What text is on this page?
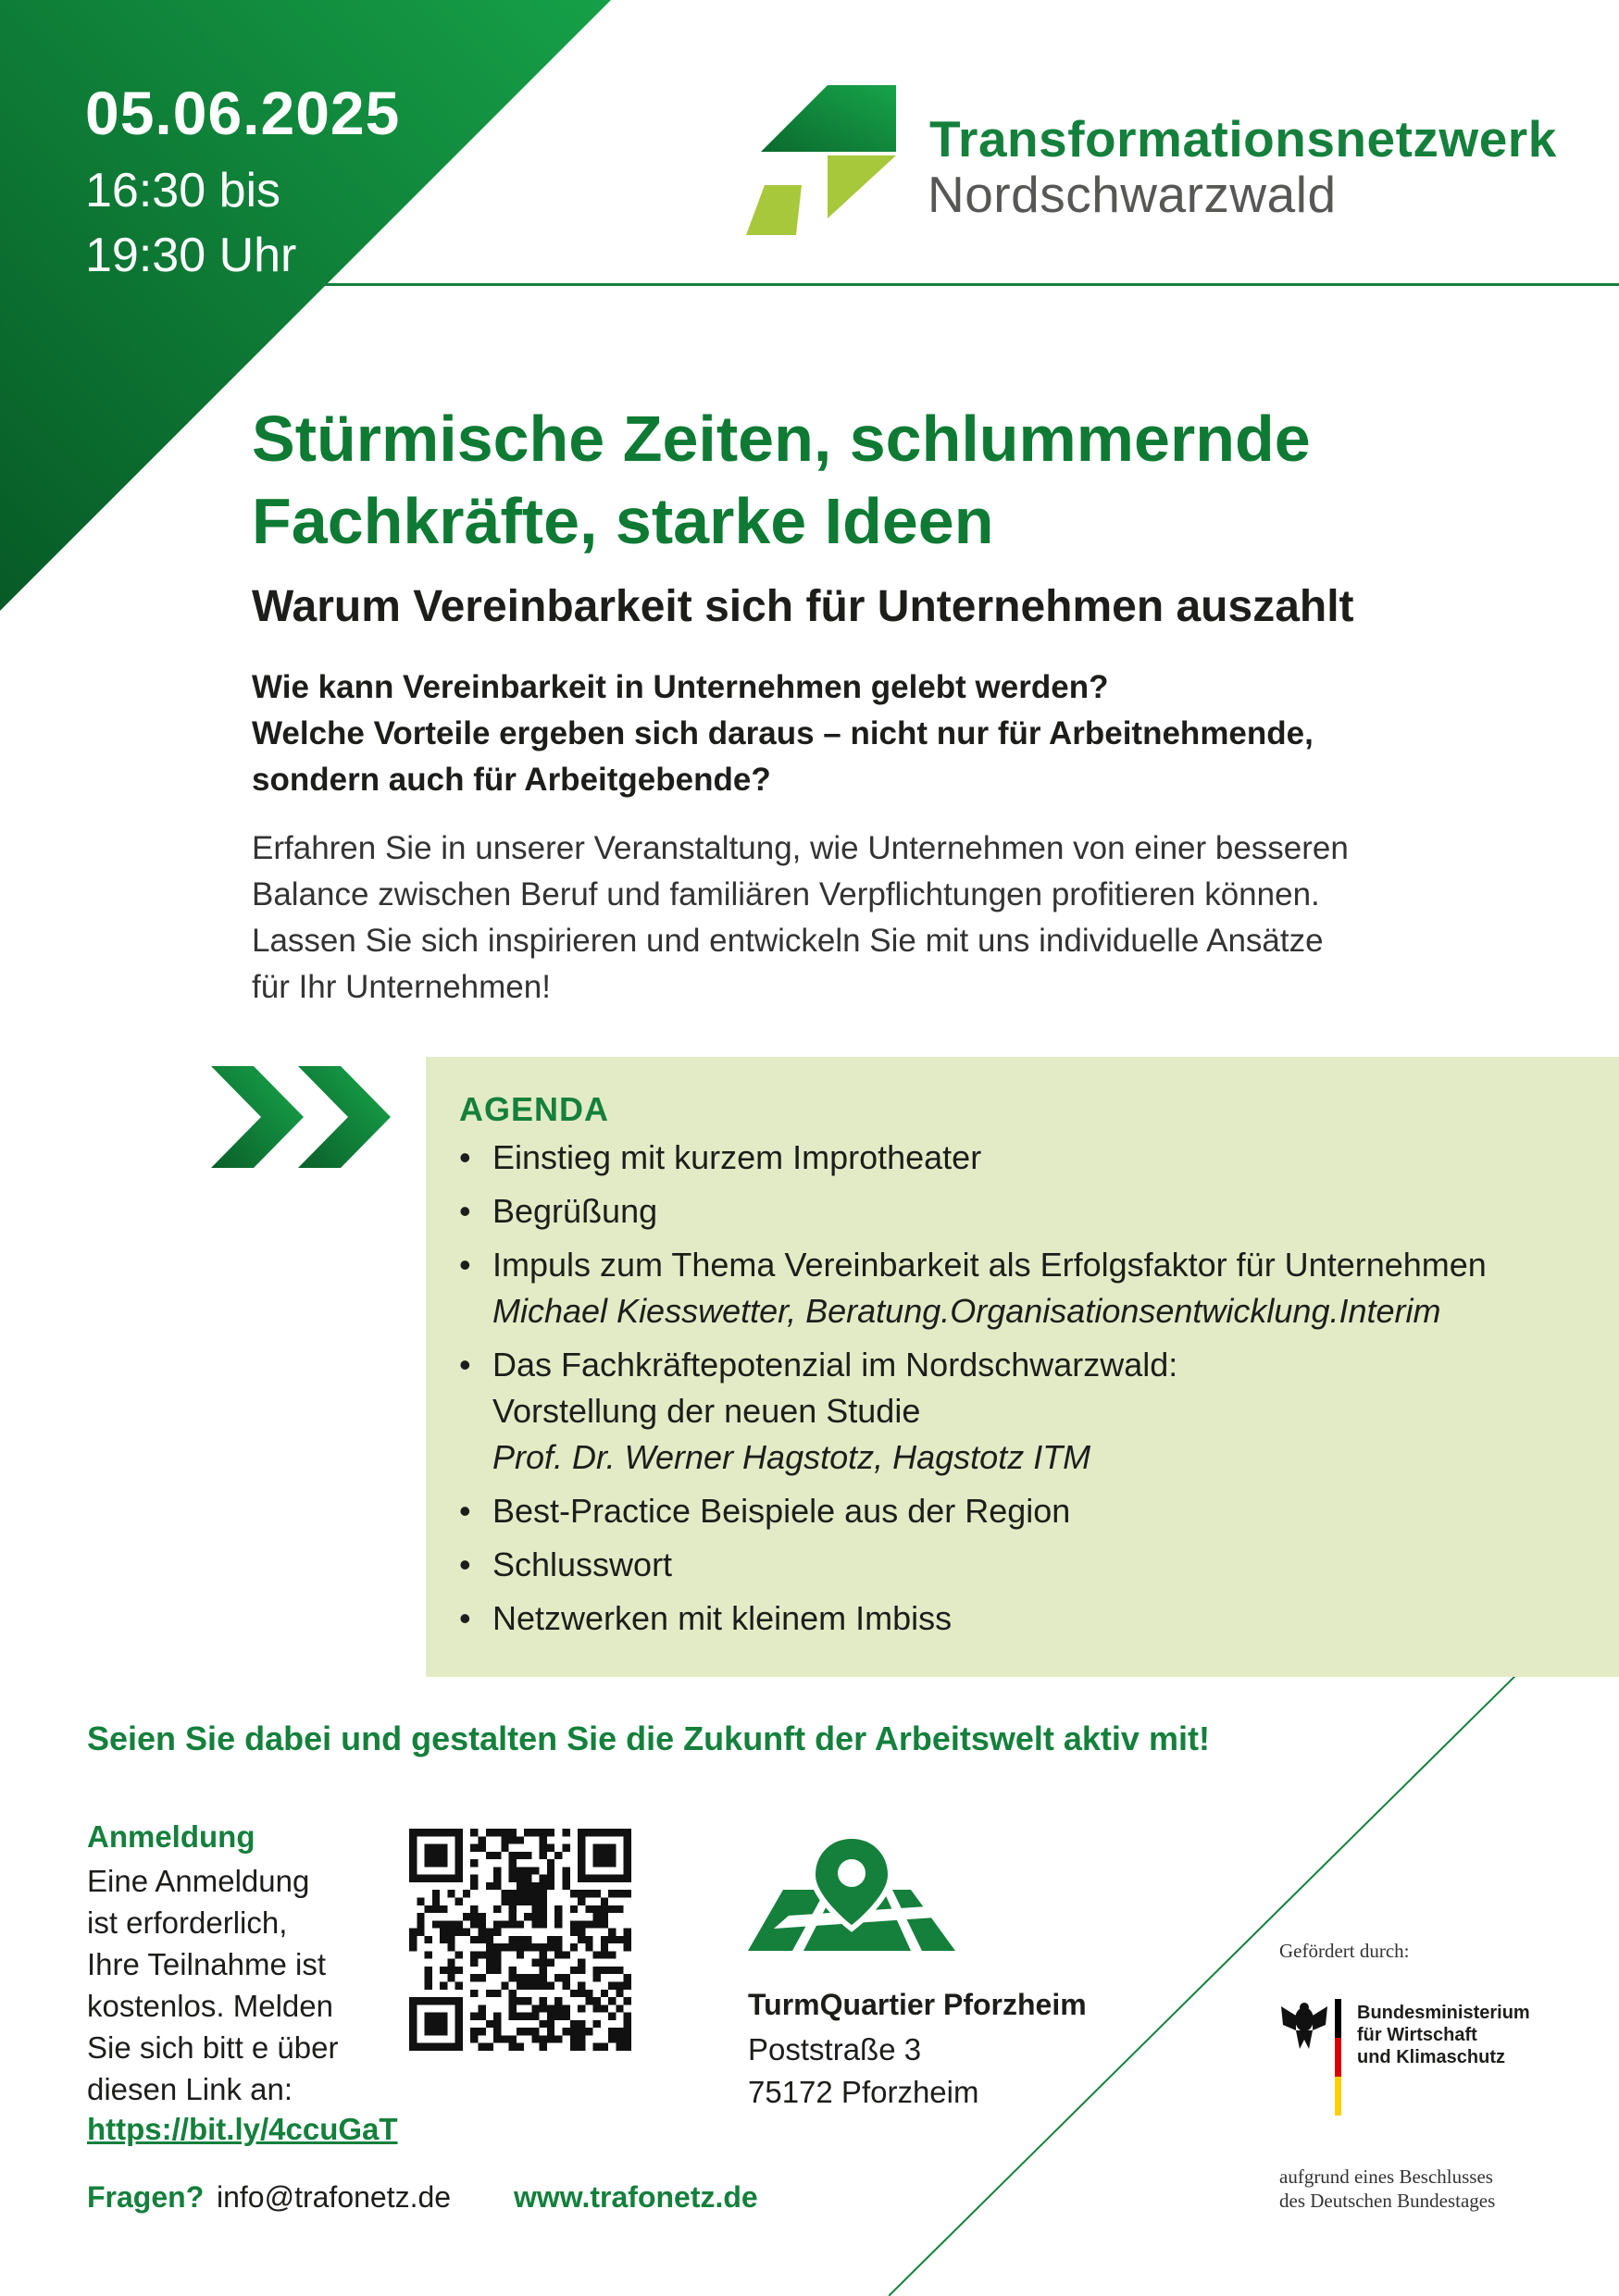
05.06.2025
16:30 bis
19:30 Uhr
Transformationsnetzwerk
Nordschwarzwald
Stürmische Zeiten, schlummernde
Fachkräfte, starke Ideen
Warum Vereinbarkeit sich für Unternehmen auszahlt
Wie kann Vereinbarkeit in Unternehmen gelebt werden?
Welche Vorteile ergeben sich daraus – nicht nur für Arbeitnehmende,
sondern auch für Arbeitgebende?
Erfahren Sie in unserer Veranstaltung, wie Unternehmen von einer besseren
Balance zwischen Beruf und familiären Verpflichtungen profitieren können.
Lassen Sie sich inspirieren und entwickeln Sie mit uns individuelle Ansätze
für Ihr Unternehmen!
AGENDA
• Einstieg mit kurzem Improtheater
• Begrüßung
• Impuls zum Thema Vereinbarkeit als Erfolgsfaktor für Unternehmen
Michael Kiesswetter, Beratung.Organisationsentwicklung.Interim
• Das Fachkräftepotenzial im Nordschwarzwald:
Vorstellung der neuen Studie
Prof. Dr. Werner Hagstotz, Hagstotz ITM
• Best-Practice Beispiele aus der Region
• Schlusswort
• Netzwerken mit kleinem Imbiss
Seien Sie dabei und gestalten Sie die Zukunft der Arbeitswelt aktiv mit!
Anmeldung
Eine Anmeldung
ist erforderlich,
Ihre Teilnahme ist
kostenlos. Melden
Sie sich bitt e über
diesen Link an:
https://bit.ly/4ccuGaT
TurmQuartier Pforzheim
Poststraße 3
75172 Pforzheim
Fragen? info@trafonetz.de www.trafonetz.de
Gefördert durch:
Bundesministerium
für Wirtschaft
und Klimaschutz
aufgrund eines Beschlusses
des Deutschen Bundestages
